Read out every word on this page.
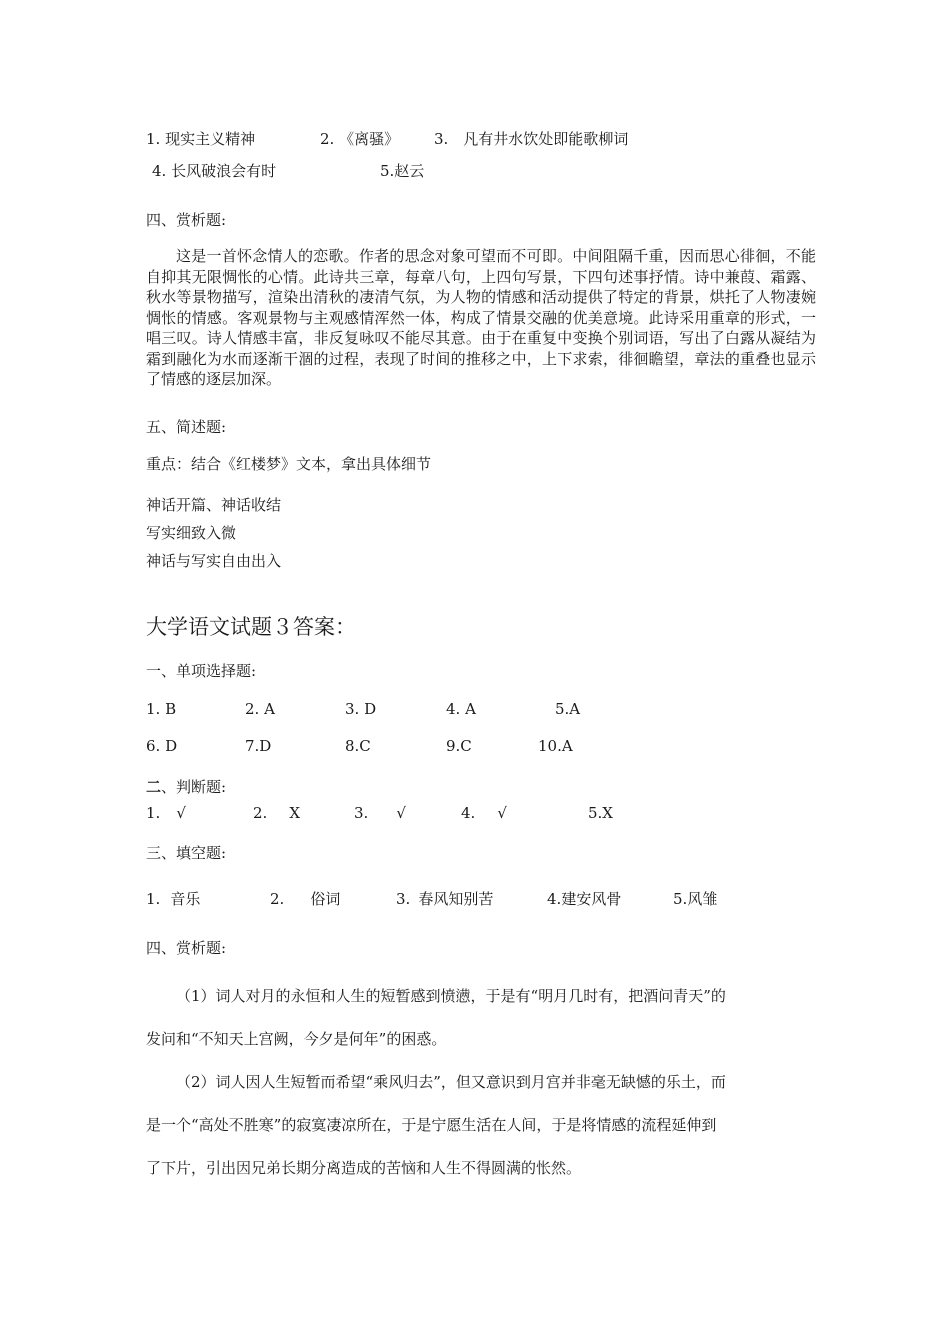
1. 现实主义精神	2. 《离骚》 3.　凡有井水饮处即能歌柳词
4. 长风破浪会有时	5.赵云
四、赏析题:
这是一首怀念情人的恋歌。作者的思念对象可望而不可即。中间阻隔千重，因而思心徘徊，不能自抑其无限惆怅的心情。此诗共三章，每章八句，上四句写景，下四句述事抒情。诗中兼葭、霜露、秋水等景物描写，渲染出清秋的凄清气氛，为人物的情感和活动提供了特定的背景，烘托了人物凄婉惆怅的情感。客观景物与主观感情浑然一体，构成了情景交融的优美意境。此诗采用重章的形式，一唱三叹。诗人情感丰富，非反复咏叹不能尽其意。由于在重复中变换个别词语，写出了白露从凝结为霜到融化为水而逐渐干涸的过程，表现了时间的推移之中，上下求索，徘徊瞻望，章法的重叠也显示了情感的逐层加深。
五、简述题:
重点：结合《红楼梦》文本，拿出具体细节
神话开篇、神话收结
写实细致入微
神话与写实自由出入
大学语文试题３答案：
一、单项选择题:
1. B	2. A	3. D	4. A	5.A
6. D	7.D	8.C	9.C	10.A
二、判断题:
1. √	2. X	3. √	4. √	5.X
三、填空题:
1. 音乐	2. 俗词	3. 春风知别苦	4.建安风骨	5.风雏
四、赏析题:
（1）词人对月的永恒和人生的短暂感到愤懑，于是有“明月几时有，把酒问青天”的
发问和“不知天上宫阙，今夕是何年”的困惑。
（2）词人因人生短暂而希望“乘风归去”，但又意识到月宫并非毫无缺憾的乐土，而
是一个“高处不胜寒”的寂寞凄凉所在，于是宁愿生活在人间，于是将情感的流程延伸到
了下片，引出因兄弟长期分离造成的苦恼和人生不得圆满的怅然。
